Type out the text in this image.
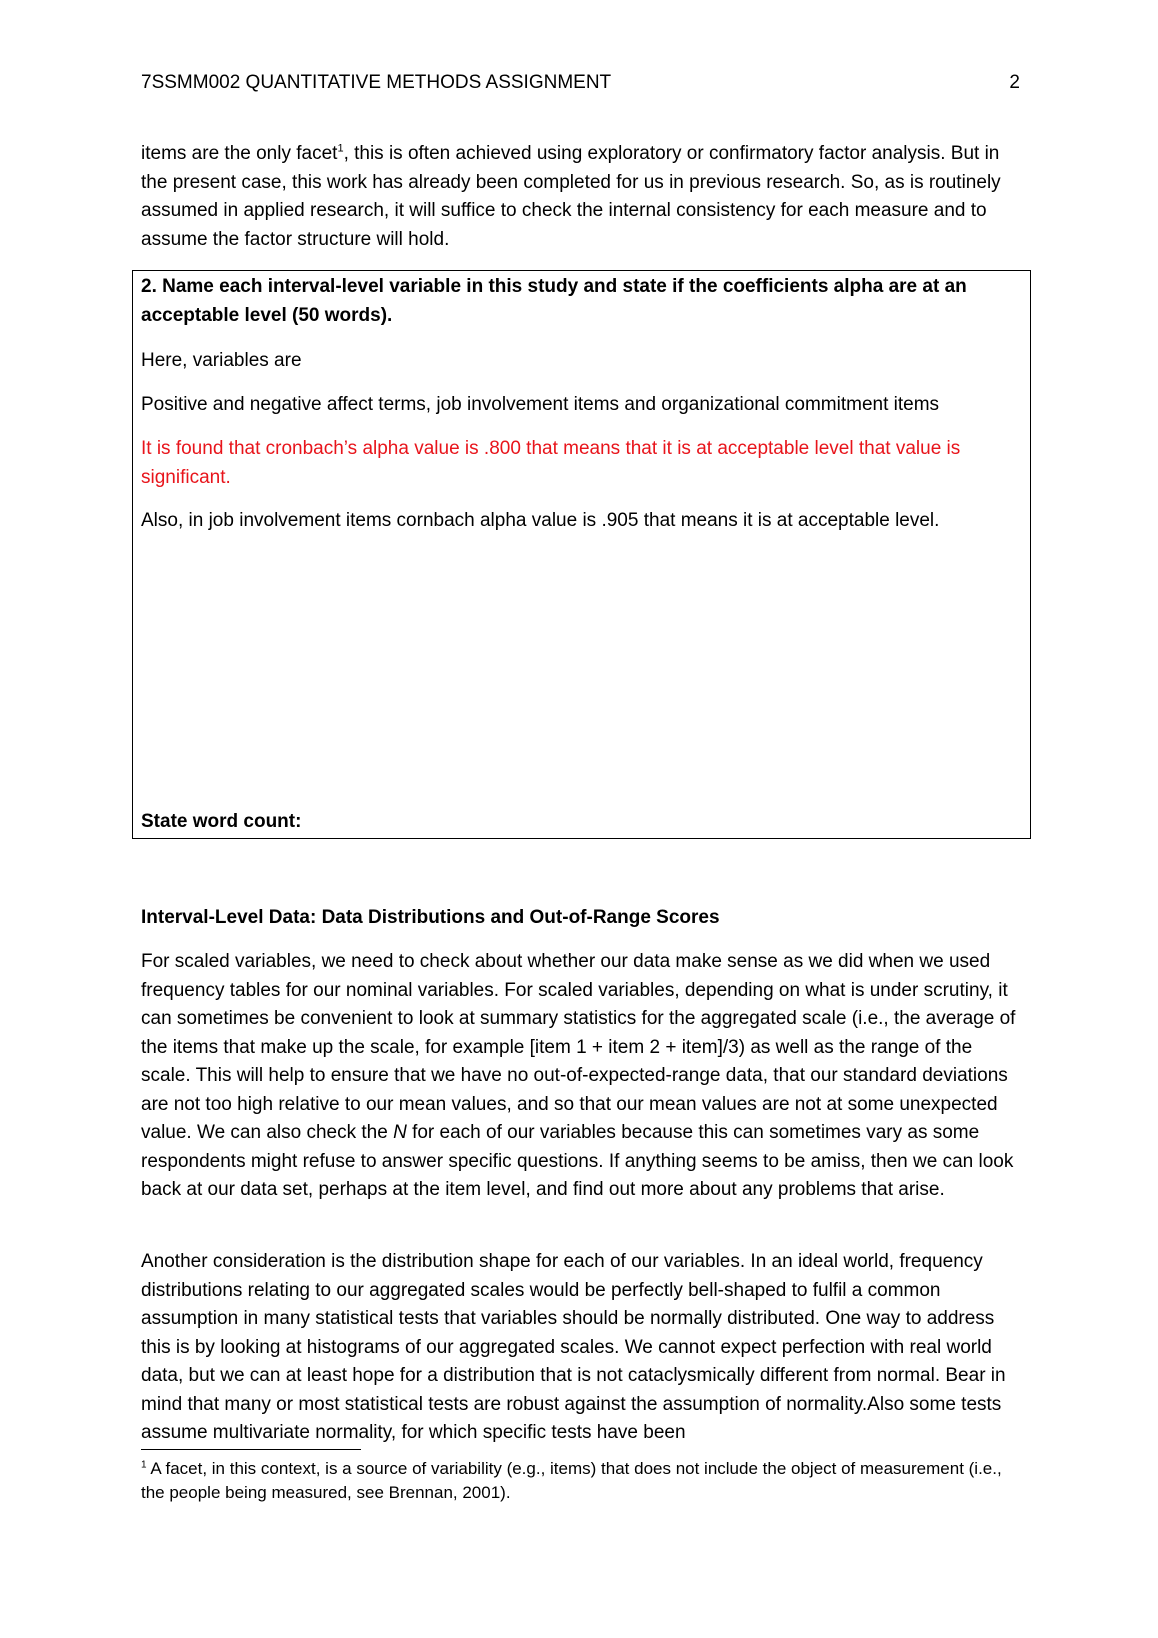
7SSMM002 QUANTITATIVE METHODS ASSIGNMENT	2

items are the only facet$^1$, this is often achieved using exploratory or confirmatory factor analysis. But in the present case, this work has already been completed for us in previous research. So, as is routinely assumed in applied research, it will suffice to check the internal consistency for each measure and to assume the factor structure will hold.

2. Name each interval-level variable in this study and state if the coefficients alpha are at an acceptable level (50 words).
Here, variables are
Positive and negative affect terms, job involvement items and organizational commitment items
It is found that cronbach’s alpha value is .800 that means that it is at acceptable level that value is significant.
Also, in job involvement items cornbach alpha value is .905 that means it is at acceptable level.
State word count:
Interval-Level Data: Data Distributions and Out-of-Range Scores

For scaled variables, we need to check about whether our data make sense as we did when we used frequency tables for our nominal variables. For scaled variables, depending on what is under scrutiny, it can sometimes be convenient to look at summary statistics for the aggregated scale (i.e., the average of the items that make up the scale, for example [item 1 + item 2 + item]/3) as well as the range of the scale. This will help to ensure that we have no out-of-expected-range data, that our standard deviations are not too high relative to our mean values, and so that our mean values are not at some unexpected value. We can also check the N for each of our variables because this can sometimes vary as some respondents might refuse to answer specific questions. If anything seems to be amiss, then we can look back at our data set, perhaps at the item level, and find out more about any problems that arise.

Another consideration is the distribution shape for each of our variables. In an ideal world, frequency distributions relating to our aggregated scales would be perfectly bell-shaped to fulfil a common assumption in many statistical tests that variables should be normally distributed. One way to address this is by looking at histograms of our aggregated scales. We cannot expect perfection with real world data, but we can at least hope for a distribution that is not cataclysmically different from normal. Bear in mind that many or most statistical tests are robust against the assumption of normality.Also some tests assume multivariate normality, for which specific tests have been

$^1$ A facet, in this context, is a source of variability (e.g., items) that does not include the object of measurement (i.e., the people being measured, see Brennan, 2001).
